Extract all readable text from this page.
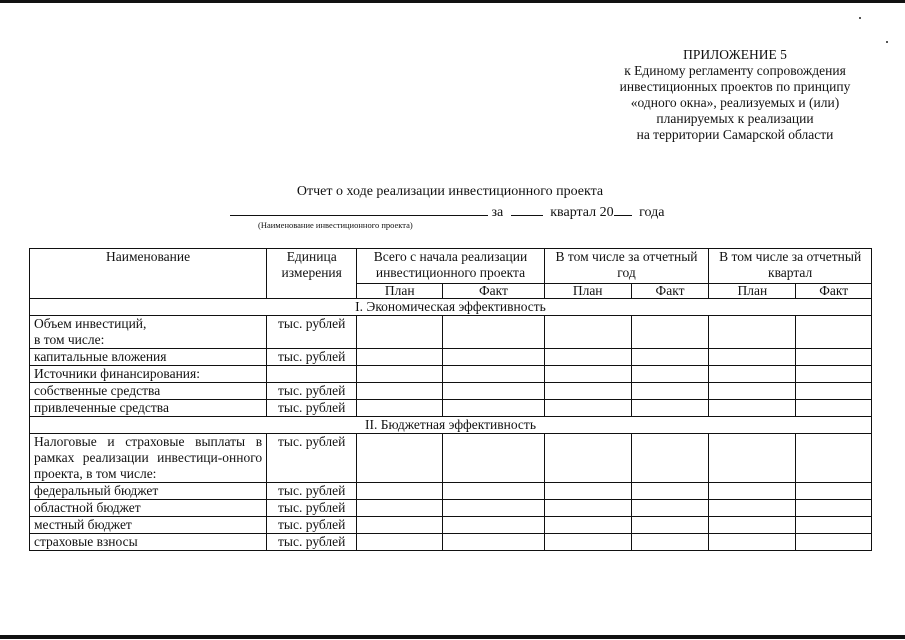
ПРИЛОЖЕНИЕ 5
к Единому регламенту сопровождения
инвестиционных проектов по принципу
«одного окна», реализуемых и (или)
планируемых к реализации
на территории Самарской области
Отчет о ходе реализации инвестиционного проекта
за	квартал 20 года
(Наименование инвестиционного проекта)
Наименование	Единица измерения	Всего с начала реализации инвестиционного проекта		В том числе за отчетный год		В том числе за отчетный квартал	
		План	Факт	План	Факт	План	Факт
I. Экономическая эффективность							
Объем инвестиций,
в том числе:	тыс. рублей						
капитальные вложения	тыс. рублей						
Источники финансирования:							
собственные средства	тыс. рублей						
привлеченные средства	тыс. рублей						
II. Бюджетная эффективность							
Налоговые и страховые выплаты в рамках реализации инвестици-онного проекта, в том числе:	тыс. рублей						
федеральный бюджет	тыс. рублей						
областной бюджет	тыс. рублей						
местный бюджет	тыс. рублей						
страховые взносы	тыс. рублей						
